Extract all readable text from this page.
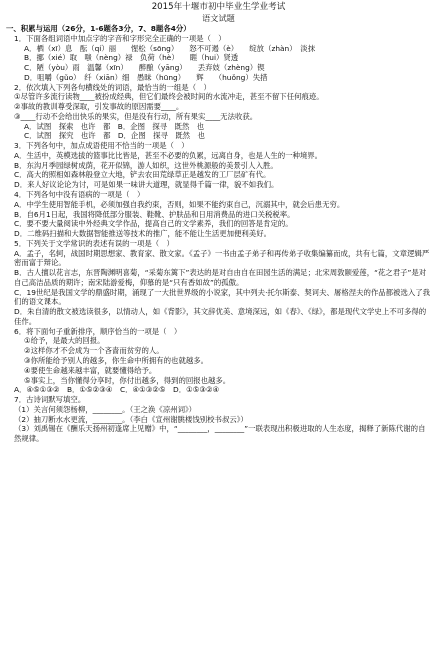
2015年十堰市初中毕业生学业考试
语文试题
一、积累与运用（26分，1-6题各3分，7、8题各4分）
1．下面各组词语中加点字的字音和字形完全正确的一项是（　）
A．栖（xī）息　酝（qí）丽　　惺松（sōng）　　怒不可遏（è）　　绽放（zhàn）　淡抹
B．挪（xié）取　嗤（nèng）禄　负荷（hè）　　睚（hui）贤透
C．陋（yòu）雨　温馨（xīn）　　醉酿（yāng）　　丢弃妓（zhèng）锲
D．咀嚼（gǔo）　纤（xiān）细　愚昧（hūng）　　辉　　（huǒng）失措
2．依次填入下列各句横线处的词语，最恰当的一组是（　）
①尽管许多流行读物____被扮成经典，但它们最终会被时间的水流冲走，甚至不留下任何痕迹。
②事故的教训尊受深取，引发事故的原因需要____。
③____行动不会给出快乐的果实，但是没有行动，所有果实____无法收获。
A．试图　探索　也许　都　B．企图　探寻　既然　也
C．试图　探究　也许　都　D．企图　探寻　既然　也
3．下列各句中，加点成语使用不恰当的一项是（　）
A．生活中，英模选拔的篮事比比皆是，甚至不必要的负累，远离自身，也是人生的一种境界。
B．东沟月季园绿树成荫，花开似锦，游人如织，这世外桃源般的美景引人入胜。
C．高大的照相如森林般登立大地，铲去农田荒绿草正是越发的工厂层矿有代。
D．来人好议论论为讨，可是如果一味讲大道理，就显得千篇一律，貌不如我们。
4．下列各句中没有语病的一项是（　）
A．中学生使用智能手机，必须加强自我约束，否则，如果不能约束自己，沉溺其中，就会后患无穷。
B．自6月1日起，我国将降低部分服装、鞋靴、护肤品和日用消费品的进口关税税率。
C．要不要大量阅读中外经典文学作品，提高自己的文学素养，我们的回答是肯定的。
D．二维码扫描和大数据智能推送等技术的推广，能不能让生活更加便利美好。
5．下列关于文学常识的表述有误的一项是（　）
A．孟子，名轲，战国时期思想家、教育家、散文家。《孟子》一书由孟子弟子和再传弟子收集编纂而成，共有七篇，文章逻辑严密而富于辩论。
B．古人擅以花言志，东晋陶渊明喜菊，“采菊东篱下”表达的是对自由自在田园生活的满足；北宋周敦颐爱莲，“花之君子”是对自己高洁品质的期许；南宋陆游爱梅，仰慕的是“只有香如故”的孤傲。
C．19世纪是我国文学的鼎盛时期，涌现了一大批世界级的小说家，其中列夫·托尔斯泰、契诃夫、屠格涅夫的作品都被选入了我们的语文课本。
D．朱自清的散文被选读很多，以情动人，如《背影》，其文辞优美、意境深远，如《春》、《绿》，都是现代文学史上不可多得的佳作。
6．将下面句子重新排序，顺序恰当的一项是（　）
①给予，是最大的回报。
②这样你才不会成为一个吝啬而贫穷的人。
③你所能给予别人的越多，你生命中所拥有的也就越多。
④要使生命越来越丰富，就要懂得给予。
⑤事实上，当你懂得分享时，你付出越多，得到的回报也越多。
A．④⑤①③②　B．①⑤②③④　C．④①③②⑤　D．①⑤③②④
7．古诗词默写填空。
（1）关言何须怨杨柳，________。（王之涣《凉州词》）
（2）抽刀断水水更流，________。（李白《宣州谢朓楼饯别校书叔云》）
（3）刘禹锡在《酬乐天扬州初逢席上见赠》中，“________，________”一联表现出积极进取的人生态度，揭释了新陈代谢的自然规律。
